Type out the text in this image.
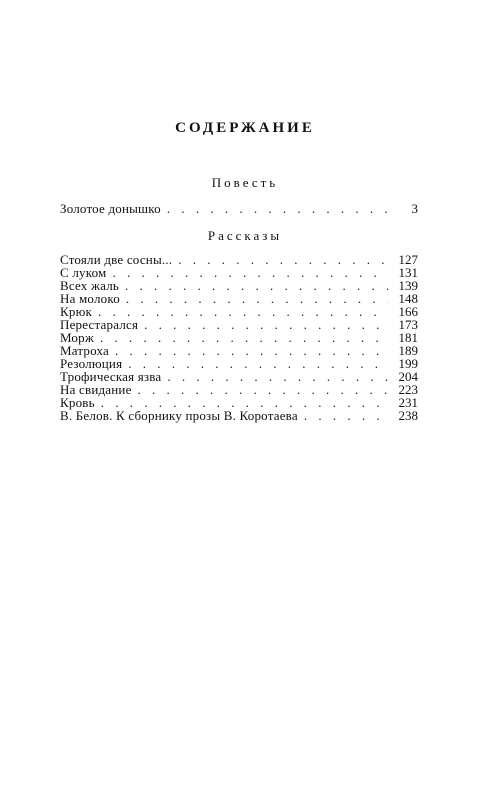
СОДЕРЖАНИЕ
Повесть
Золотое донышко . . .	3
Рассказы
Стояли две сосны... . . .	127
С луком . . .	131
Всех жаль . . .	139
На молоко . . .	148
Крюк . . .	166
Перестарался . . .	173
Морж . . .	181
Матроха . . .	189
Резолюция . . .	199
Трофическая язва . . .	204
На свидание . . .	223
Кровь . . .	231
В. Белов. К сборнику прозы В. Коротаева . . .	238
